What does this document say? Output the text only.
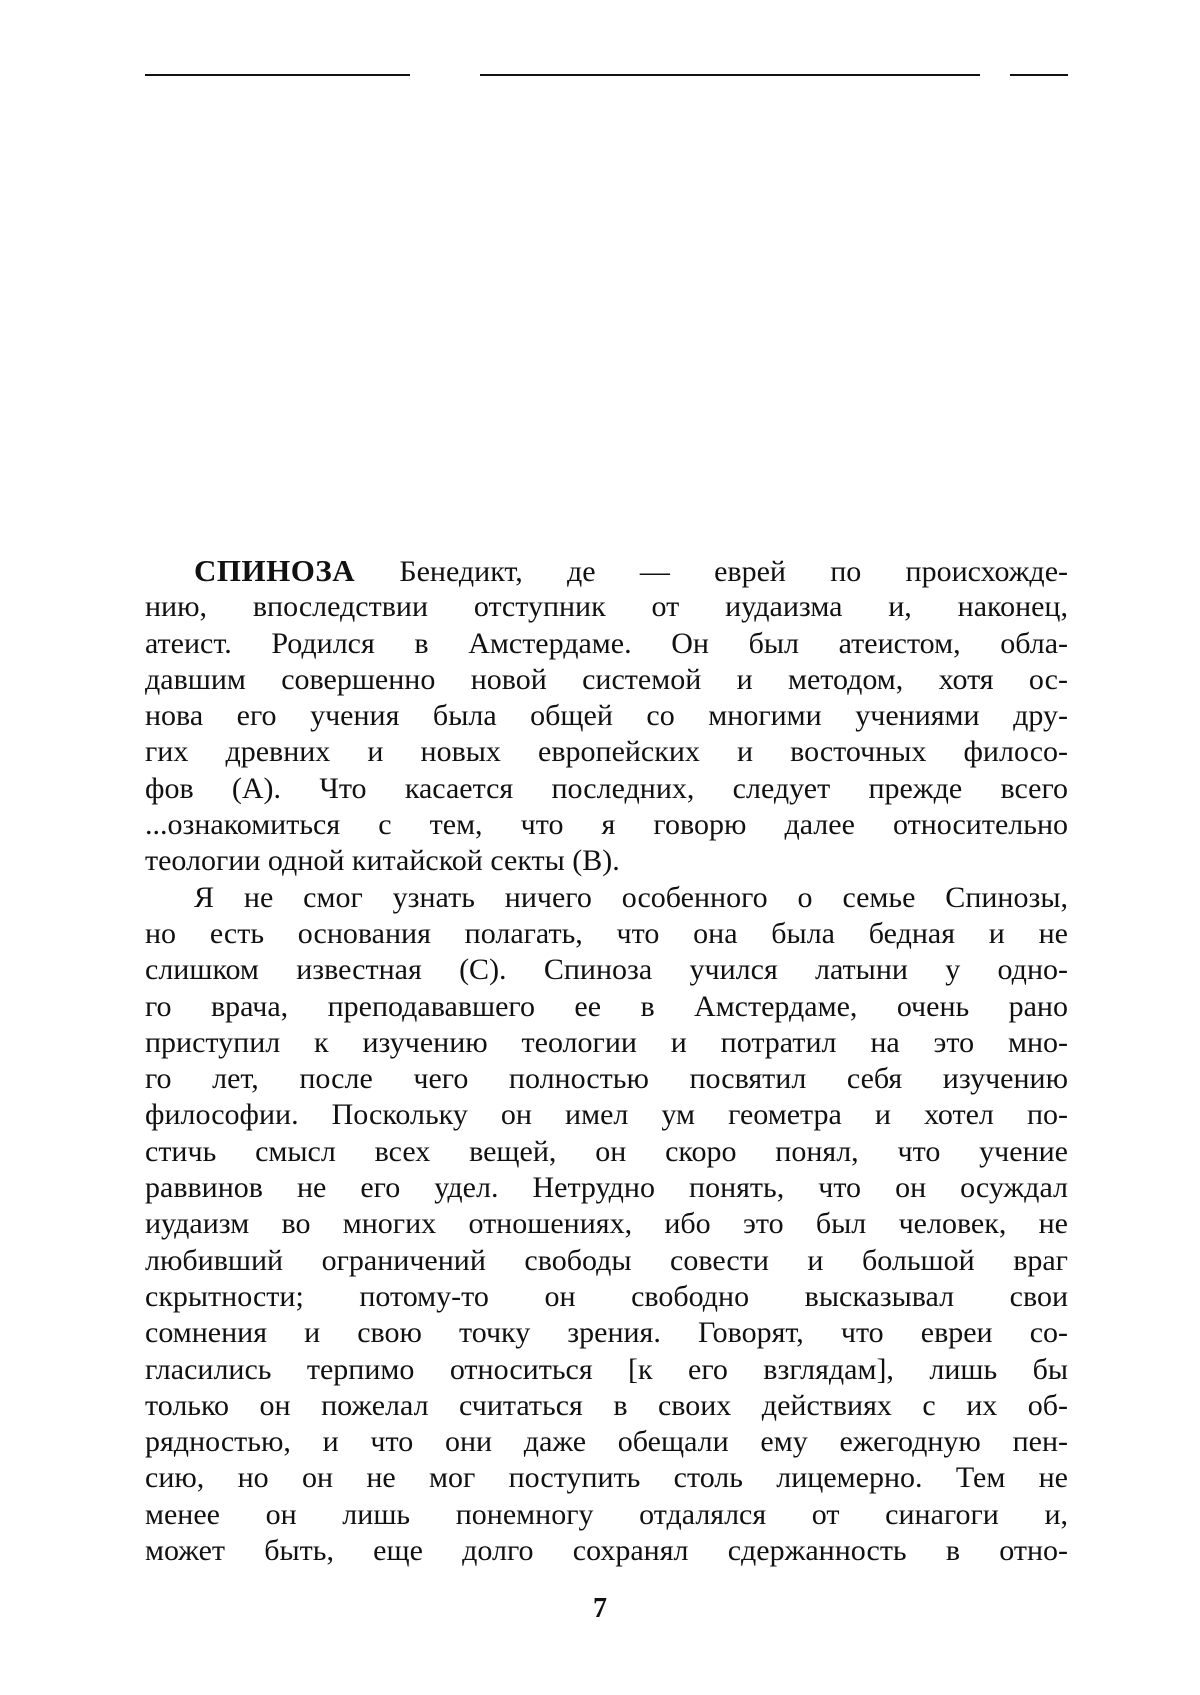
СПИНОЗА Бенедикт, де — еврей по происхожде-
нию, впоследствии отступник от иудаизма и, наконец,
атеист. Родился в Амстердаме. Он был атеистом, обла-
давшим совершенно новой системой и методом, хотя ос-
нова его учения была общей со многими учениями дру-
гих древних и новых европейских и восточных филосо-
фов (А). Что касается последних, следует прежде всего
...ознакомиться с тем, что я говорю далее относительно
теологии одной китайской секты (В).
Я не смог узнать ничего особенного о семье Спинозы,
но есть основания полагать, что она была бедная и не
слишком известная (С). Спиноза учился латыни у одно-
го врача, преподававшего ее в Амстердаме, очень рано
приступил к изучению теологии и потратил на это мно-
го лет, после чего полностью посвятил себя изучению
философии. Поскольку он имел ум геометра и хотел по-
стичь смысл всех вещей, он скоро понял, что учение
раввинов не его удел. Нетрудно понять, что он осуждал
иудаизм во многих отношениях, ибо это был человек, не
любивший ограничений свободы совести и большой враг
скрытности; потому-то он свободно высказывал свои
сомнения и свою точку зрения. Говорят, что евреи со-
гласились терпимо относиться [к его взглядам], лишь бы
только он пожелал считаться в своих действиях с их об-
рядностью, и что они даже обещали ему ежегодную пен-
сию, но он не мог поступить столь лицемерно. Тем не
менее он лишь понемногу отдалялся от синагоги и,
может быть, еще долго сохранял сдержанность в отно-
7
